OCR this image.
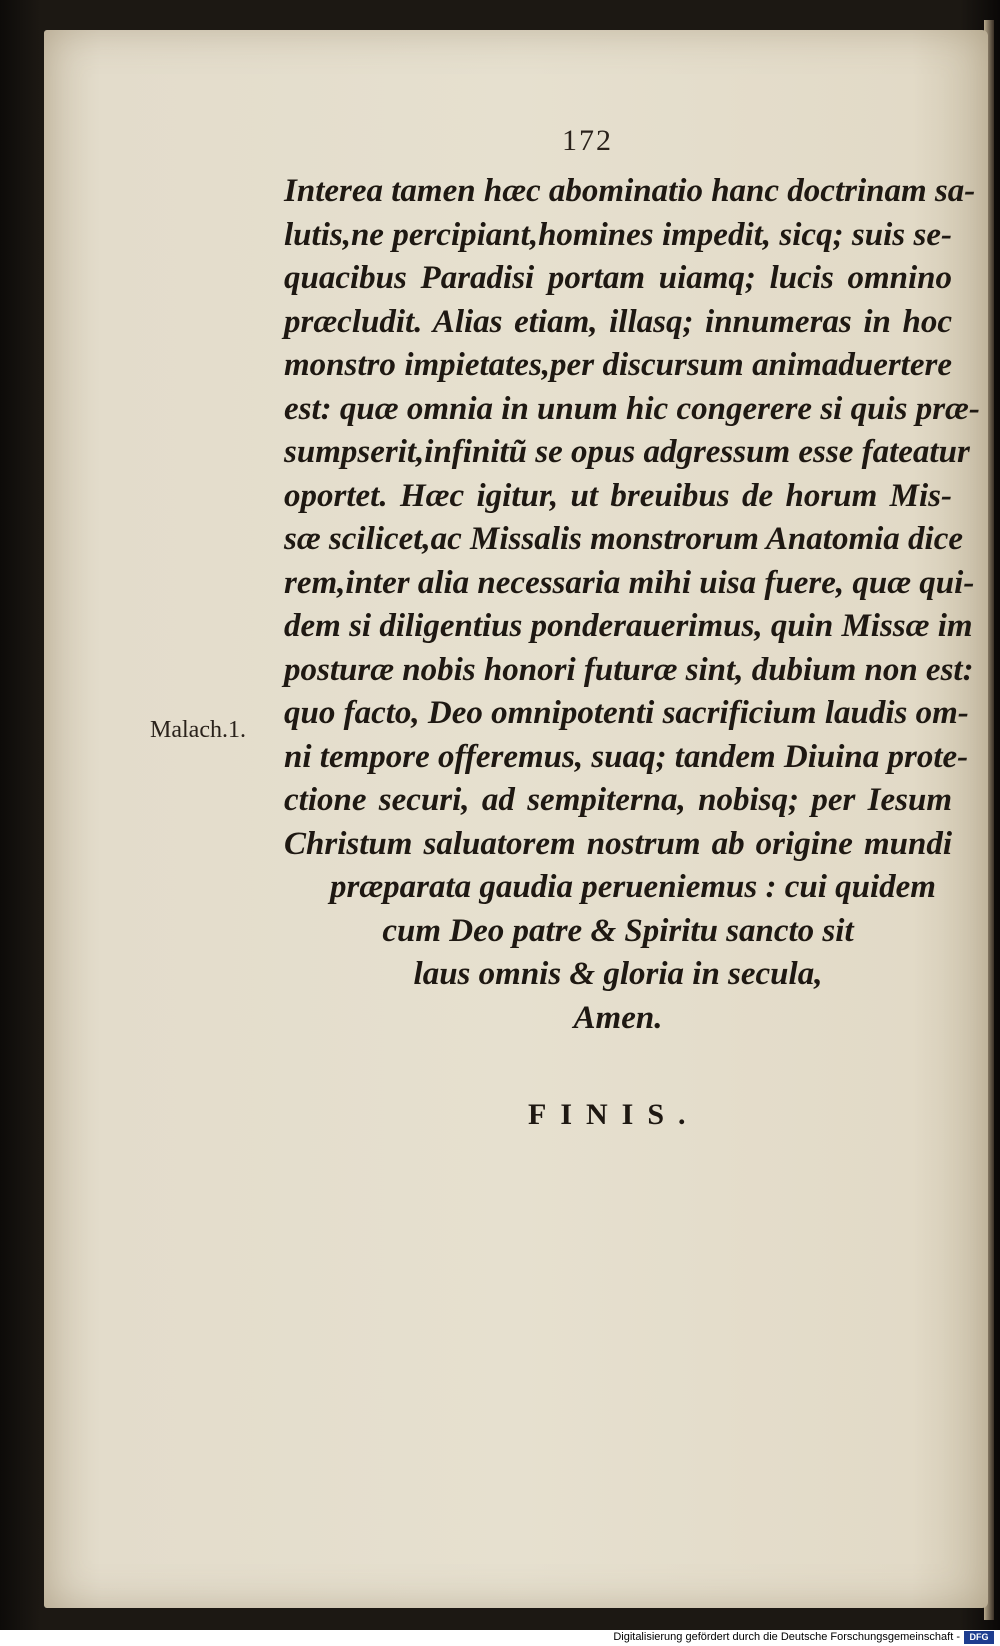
172
Interea tamen hæc abominatio hanc doctrinam sa-
lutis,ne percipiant,homines impedit, sicq; suis se-
quacibus Paradisi portam uiamq; lucis omnino
præcludit. Alias etiam, illasq; innumeras in hoc
monstro impietates,per discursum animaduertere
est: quæ omnia in unum hic congerere si quis præ-
sumpserit,infinitũ se opus adgressum esse fateatur
oportet. Hæc igitur, ut breuibus de horum Mis-
sæ scilicet,ac Missalis monstrorum Anatomia dice
rem,inter alia necessaria mihi uisa fuere, quæ qui-
dem si diligentius ponderauerimus, quin Missæ im
posturæ nobis honori futuræ sint, dubium non est:
quo facto, Deo omnipotenti sacrificium laudis om-
ni tempore offeremus, suaq; tandem Diuina prote-
ctione securi, ad sempiterna, nobisq; per Iesum
Christum saluatorem nostrum ab origine mundi
præparata gaudia perueniemus : cui quidem
cum Deo patre & Spiritu sancto sit
laus omnis & gloria in secula,
Amen.
Malach.1.
FINIS.
Digitalisierung gefördert durch die Deutsche Forschungsgemeinschaft -	DFG
